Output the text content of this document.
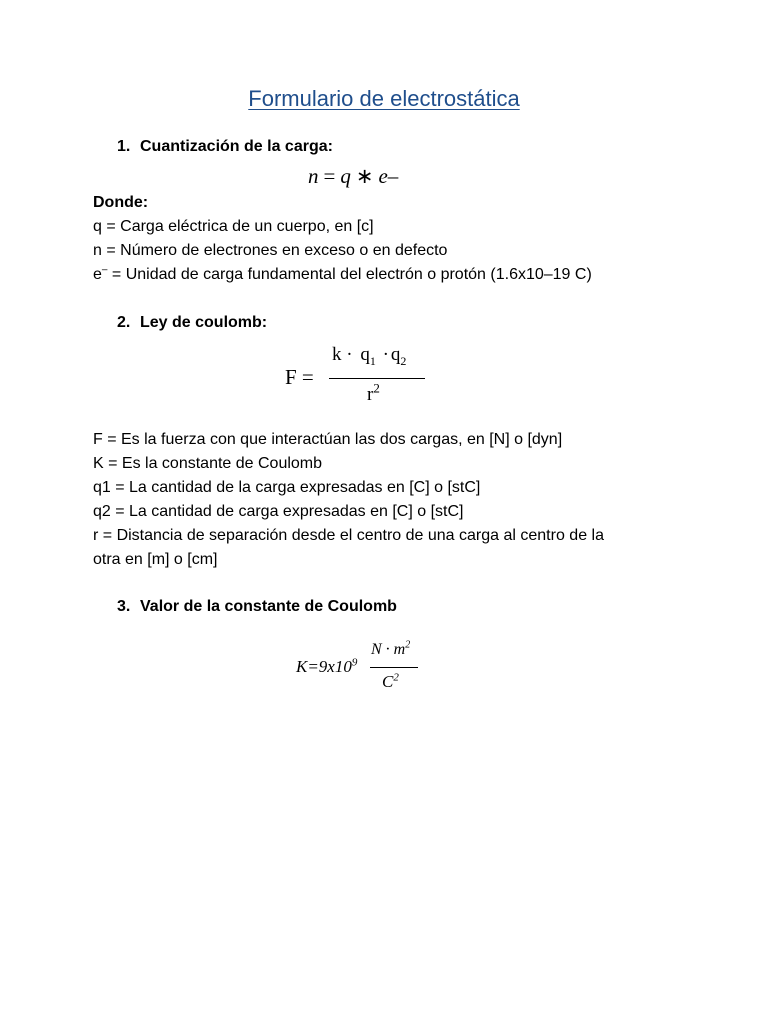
Formulario de electrostática
1. Cuantización de la carga:
n = q ∗ e–
Donde:
q = Carga eléctrica de un cuerpo, en [c]
n = Número de electrones en exceso o en defecto
e– = Unidad de carga fundamental del electrón o protón (1.6x10–19 C)
2. Ley de coulomb:
F =
$k \cdot q_1 \cdot q_2$
$r^2$
F = Es la fuerza con que interactúan las dos cargas, en [N] o [dyn]
K = Es la constante de Coulomb
q1 = La cantidad de la carga expresadas en [C] o [stC]
q2 = La cantidad de carga expresadas en [C] o [stC]
r = Distancia de separación desde el centro de una carga al centro de la
otra en [m] o [cm]
3. Valor de la constante de Coulomb
$K=9x10^9$
$N \cdot m^2$
$C^2$
